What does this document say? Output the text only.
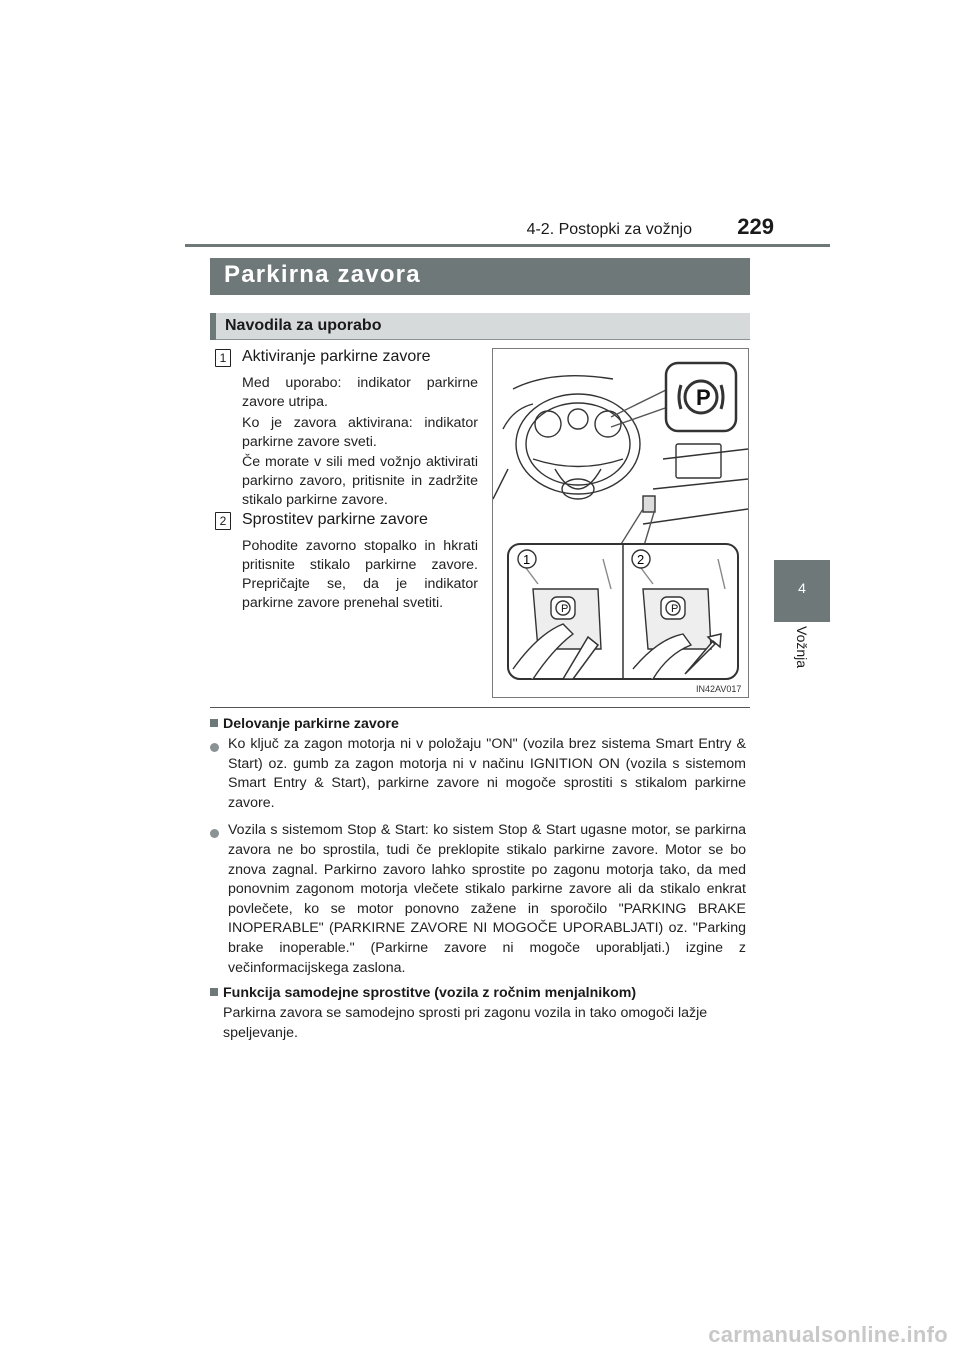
4-2. Postopki za vožnjo	229
4
Vožnja
Parkirna zavora
Navodila za uporabo
1 Aktiviranje parkirne zavore
Med uporabo: indikator parkirne zavore utripa.
Ko je zavora aktivirana: indikator parkirne zavore sveti.
Če morate v sili med vožnjo aktivirati parkirno zavoro, pritisnite in zadržite stikalo parkirne zavore.
2 Sprostitev parkirne zavore
Pohodite zavorno stopalko in hkrati pritisnite stikalo parkirne zavore. Prepričajte se, da je indikator parkirne zavore prenehal svetiti.
P
P	P
1	2
IN42AV017
Delovanje parkirne zavore
Ko ključ za zagon motorja ni v položaju "ON" (vozila brez sistema Smart Entry & Start) oz. gumb za zagon motorja ni v načinu IGNITION ON (vozila s sistemom Smart Entry & Start), parkirne zavore ni mogoče sprostiti s stikalom parkirne zavore.
Vozila s sistemom Stop & Start: ko sistem Stop & Start ugasne motor, se parkirna zavora ne bo sprostila, tudi če preklopite stikalo parkirne zavore. Motor se bo znova zagnal. Parkirno zavoro lahko sprostite po zagonu motorja tako, da med ponovnim zagonom motorja vlečete stikalo parkirne zavore ali da stikalo enkrat povlečete, ko se motor ponovno zažene in sporočilo "PARKING BRAKE INOPERABLE" (PARKIRNE ZAVORE NI MOGOČE UPORABLJATI) oz. "Parking brake inoperable." (Parkirne zavore ni mogoče uporabljati.) izgine z večinformacijskega zaslona.
Funkcija samodejne sprostitve (vozila z ročnim menjalnikom)
Parkirna zavora se samodejno sprosti pri zagonu vozila in tako omogoči lažje speljevanje.
carmanualsonline.info
